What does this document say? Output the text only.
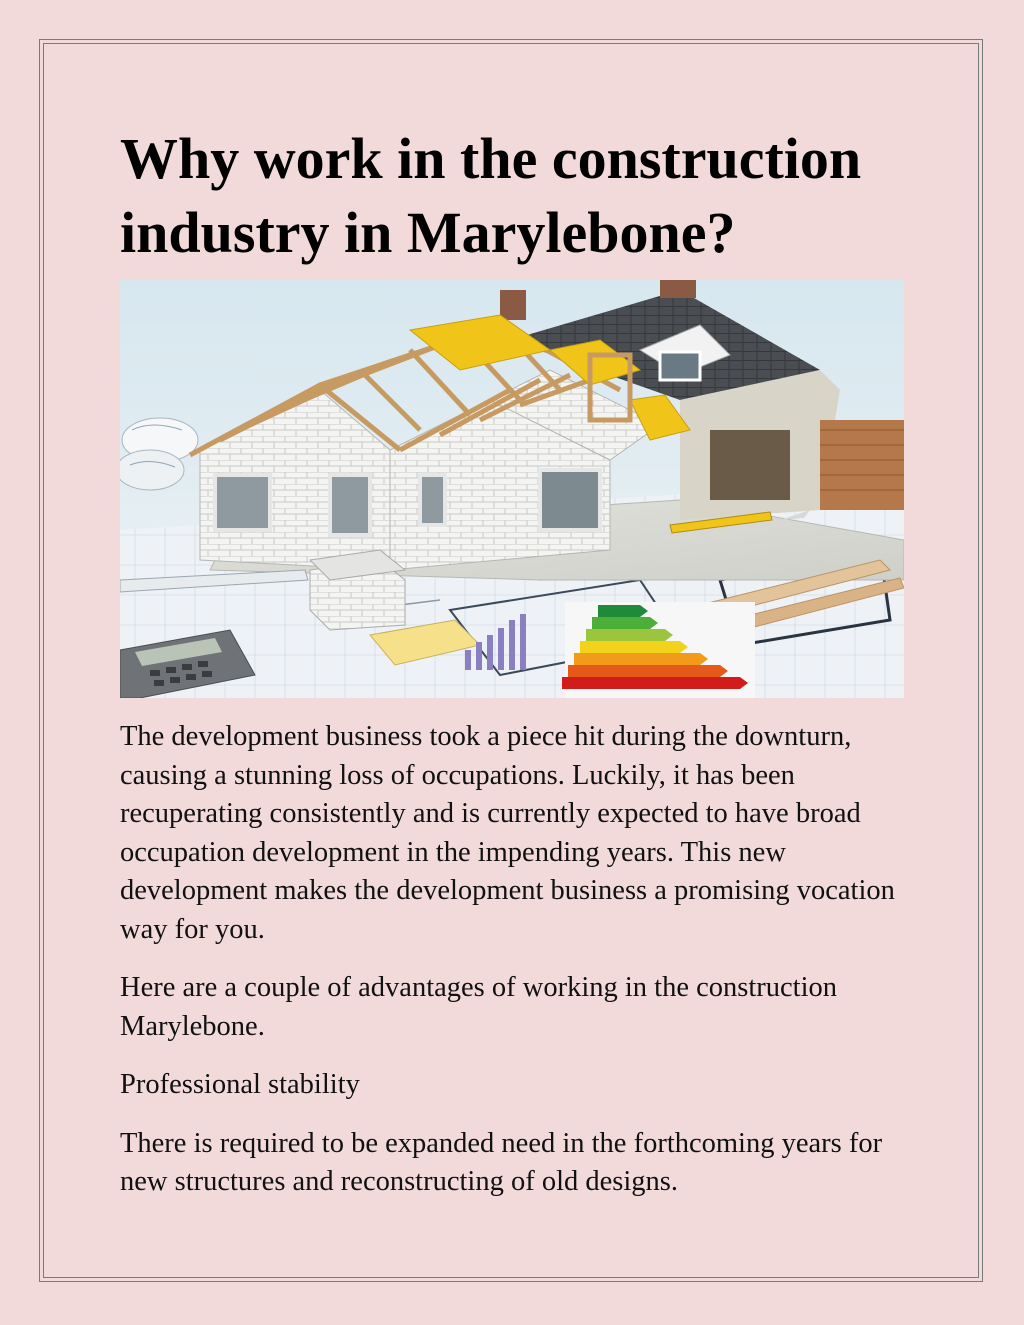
Why work in the construction industry in Marylebone?

The development business took a piece hit during the downturn, causing a stunning loss of occupations. Luckily, it has been recuperating consistently and is currently expected to have broad occupation development in the impending years. This new development makes the development business a promising vocation way for you.

Here are a couple of advantages of working in the construction Marylebone.

Professional stability

There is required to be expanded need in the forthcoming years for new structures and reconstructing of old designs.
